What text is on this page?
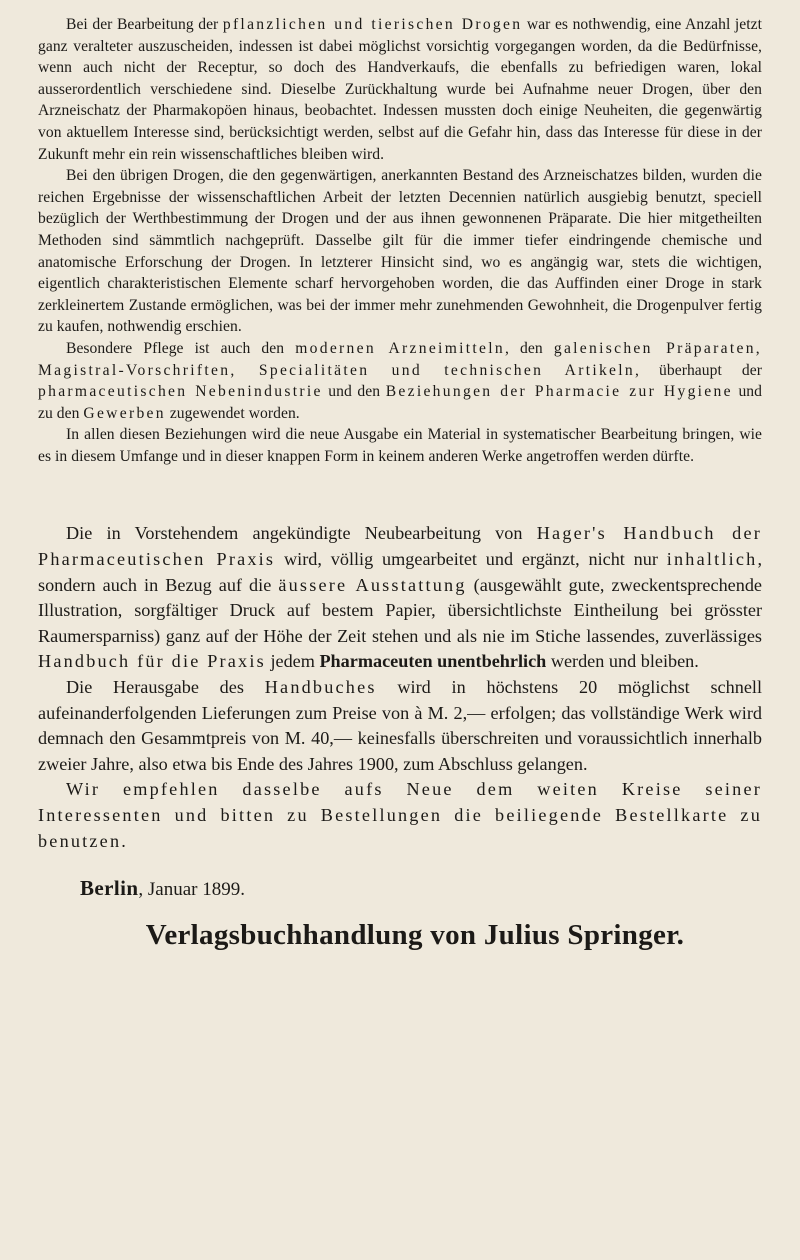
Bei der Bearbeitung der pflanzlichen und tierischen Drogen war es nothwendig, eine Anzahl jetzt ganz veralteter auszuscheiden, indessen ist dabei möglichst vorsichtig vorgegangen worden, da die Bedürfnisse, wenn auch nicht der Receptur, so doch des Handverkaufs, die ebenfalls zu befriedigen waren, lokal ausserordentlich verschiedene sind. Dieselbe Zurückhaltung wurde bei Aufnahme neuer Drogen, über den Arzneischatz der Pharmakopöen hinaus, beobachtet. Indessen mussten doch einige Neuheiten, die gegenwärtig von aktuellem Interesse sind, berücksichtigt werden, selbst auf die Gefahr hin, dass das Interesse für diese in der Zukunft mehr ein rein wissenschaftliches bleiben wird.

Bei den übrigen Drogen, die den gegenwärtigen, anerkannten Bestand des Arzneischatzes bilden, wurden die reichen Ergebnisse der wissenschaftlichen Arbeit der letzten Decennien natürlich ausgiebig benutzt, speciell bezüglich der Werthbestimmung der Drogen und der aus ihnen gewonnenen Präparate. Die hier mitgetheilten Methoden sind sämmtlich nachgeprüft. Dasselbe gilt für die immer tiefer eindringende chemische und anatomische Erforschung der Drogen. In letzterer Hinsicht sind, wo es angängig war, stets die wichtigen, eigentlich charakteristischen Elemente scharf hervorgehoben worden, die das Auffinden einer Droge in stark zerkleinertem Zustande ermöglichen, was bei der immer mehr zunehmenden Gewohnheit, die Drogenpulver fertig zu kaufen, nothwendig erschien.

Besondere Pflege ist auch den modernen Arzneimitteln, den galenischen Präparaten, Magistral-Vorschriften, Specialitäten und technischen Artikeln, überhaupt der pharmaceutischen Nebenindustrie und den Beziehungen der Pharmacie zur Hygiene und zu den Gewerben zugewendet worden.

In allen diesen Beziehungen wird die neue Ausgabe ein Material in systematischer Bearbeitung bringen, wie es in diesem Umfange und in dieser knappen Form in keinem anderen Werke angetroffen werden dürfte.

Die in Vorstehendem angekündigte Neubearbeitung von Hager's Handbuch der Pharmaceutischen Praxis wird, völlig umgearbeitet und ergänzt, nicht nur inhaltlich, sondern auch in Bezug auf die äussere Ausstattung (ausgewählt gute, zweckentsprechende Illustration, sorgfältiger Druck auf bestem Papier, übersichtlichste Eintheilung bei grösster Raumersparniss) ganz auf der Höhe der Zeit stehen und als nie im Stiche lassendes, zuverlässiges Handbuch für die Praxis jedem Pharmaceuten unentbehrlich werden und bleiben.

Die Herausgabe des Handbuches wird in höchstens 20 möglichst schnell aufeinanderfolgenden Lieferungen zum Preise von à M. 2,— erfolgen; das vollständige Werk wird demnach den Gesammtpreis von M. 40,— keinesfalls überschreiten und voraussichtlich innerhalb zweier Jahre, also etwa bis Ende des Jahres 1900, zum Abschluss gelangen.

Wir empfehlen dasselbe aufs Neue dem weiten Kreise seiner Interessenten und bitten zu Bestellungen die beiliegende Bestellkarte zu benutzen.

Berlin, Januar 1899.
Verlagsbuchhandlung von Julius Springer.
